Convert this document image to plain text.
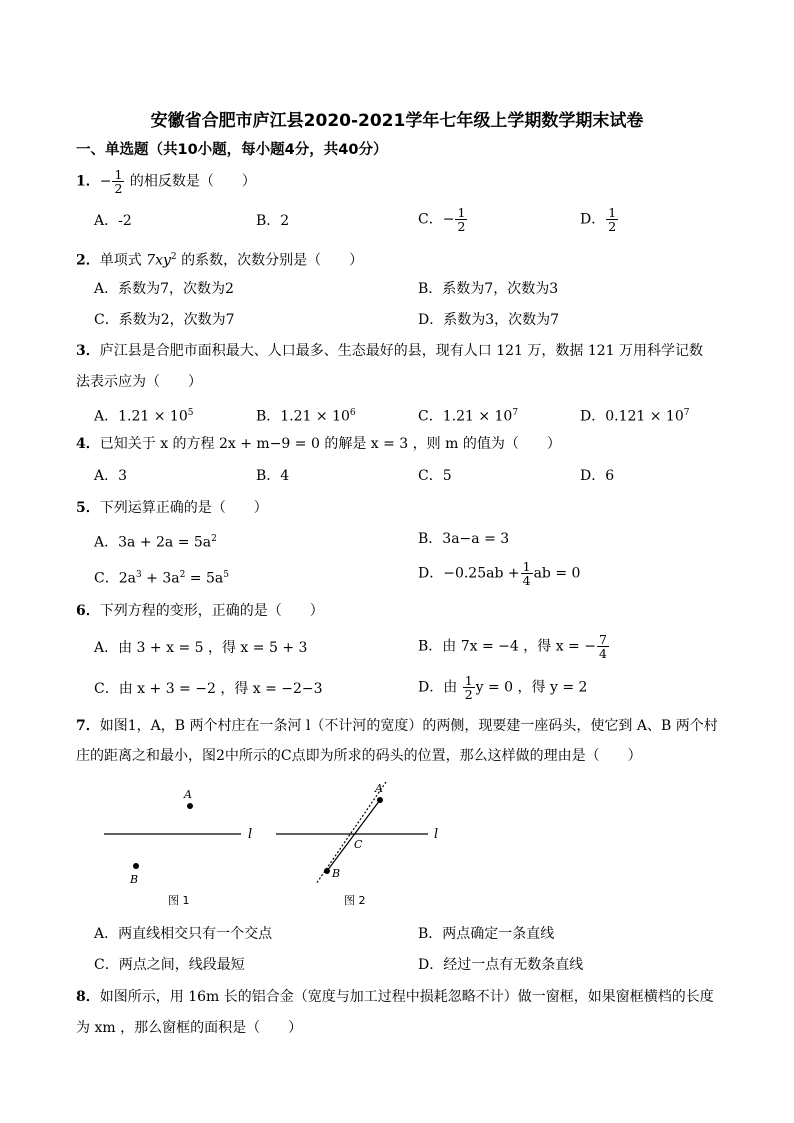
安徽省合肥市庐江县2020-2021学年七年级上学期数学期末试卷
一、单选题（共10小题，每小题4分，共40分）
1．− $\frac{1}{2}$ 的相反数是（　　）
A．-2	B．2	C．− $\frac{1}{2}$	D． $\frac{1}{2}$
2．单项式 $7xy^2$ 的系数，次数分别是（　　）
A．系数为7，次数为2	B．系数为7，次数为3
C．系数为2，次数为7	D．系数为3，次数为7
3．庐江县是合肥市面积最大、人口最多、生态最好的县，现有人口 121 万，数据 121 万用科学记数
法表示应为（　　）
A．$1.21 \times 10^5$	B．$1.21 \times 10^6$	C．$1.21 \times 10^7$	D．$0.121 \times 10^7$
4．已知关于 x 的方程 2x + m−9 = 0 的解是 x = 3 ，则 m 的值为（　　）
A．3	B．4	C．5	D．6
5．下列运算正确的是（　　）
A．$3a + 2a = 5a^2$	B．3a−a = 3
C．$2a^3 + 3a^2 = 5a^5$	D．$-0.25ab + \frac{1}{4}$ ab = 0
6．下列方程的变形，正确的是（　　）
A．由 3 + x = 5 ，得 x = 5 + 3	B．由 7x = −4 ，得 x = − $\frac{7}{4}$
C．由 x + 3 = −2 ，得 x = −2−3	D．由 $\frac{1}{2}$ y = 0 ，得 y = 2
7．如图1，A，B 两个村庄在一条河 l（不计河的宽度）的两侧，现要建一座码头，使它到 A、B 两个村
庄的距离之和最小，图2中所示的C点即为所求的码头的位置，那么这样做的理由是（　　）
l
A
B
图 1
l
A
B
C
图 2
A．两直线相交只有一个交点	B．两点确定一条直线
C．两点之间，线段最短	D．经过一点有无数条直线
8．如图所示，用 16m 长的铝合金（宽度与加工过程中损耗忽略不计）做一窗框，如果窗框横档的长度
为 xm ，那么窗框的面积是（　　）
